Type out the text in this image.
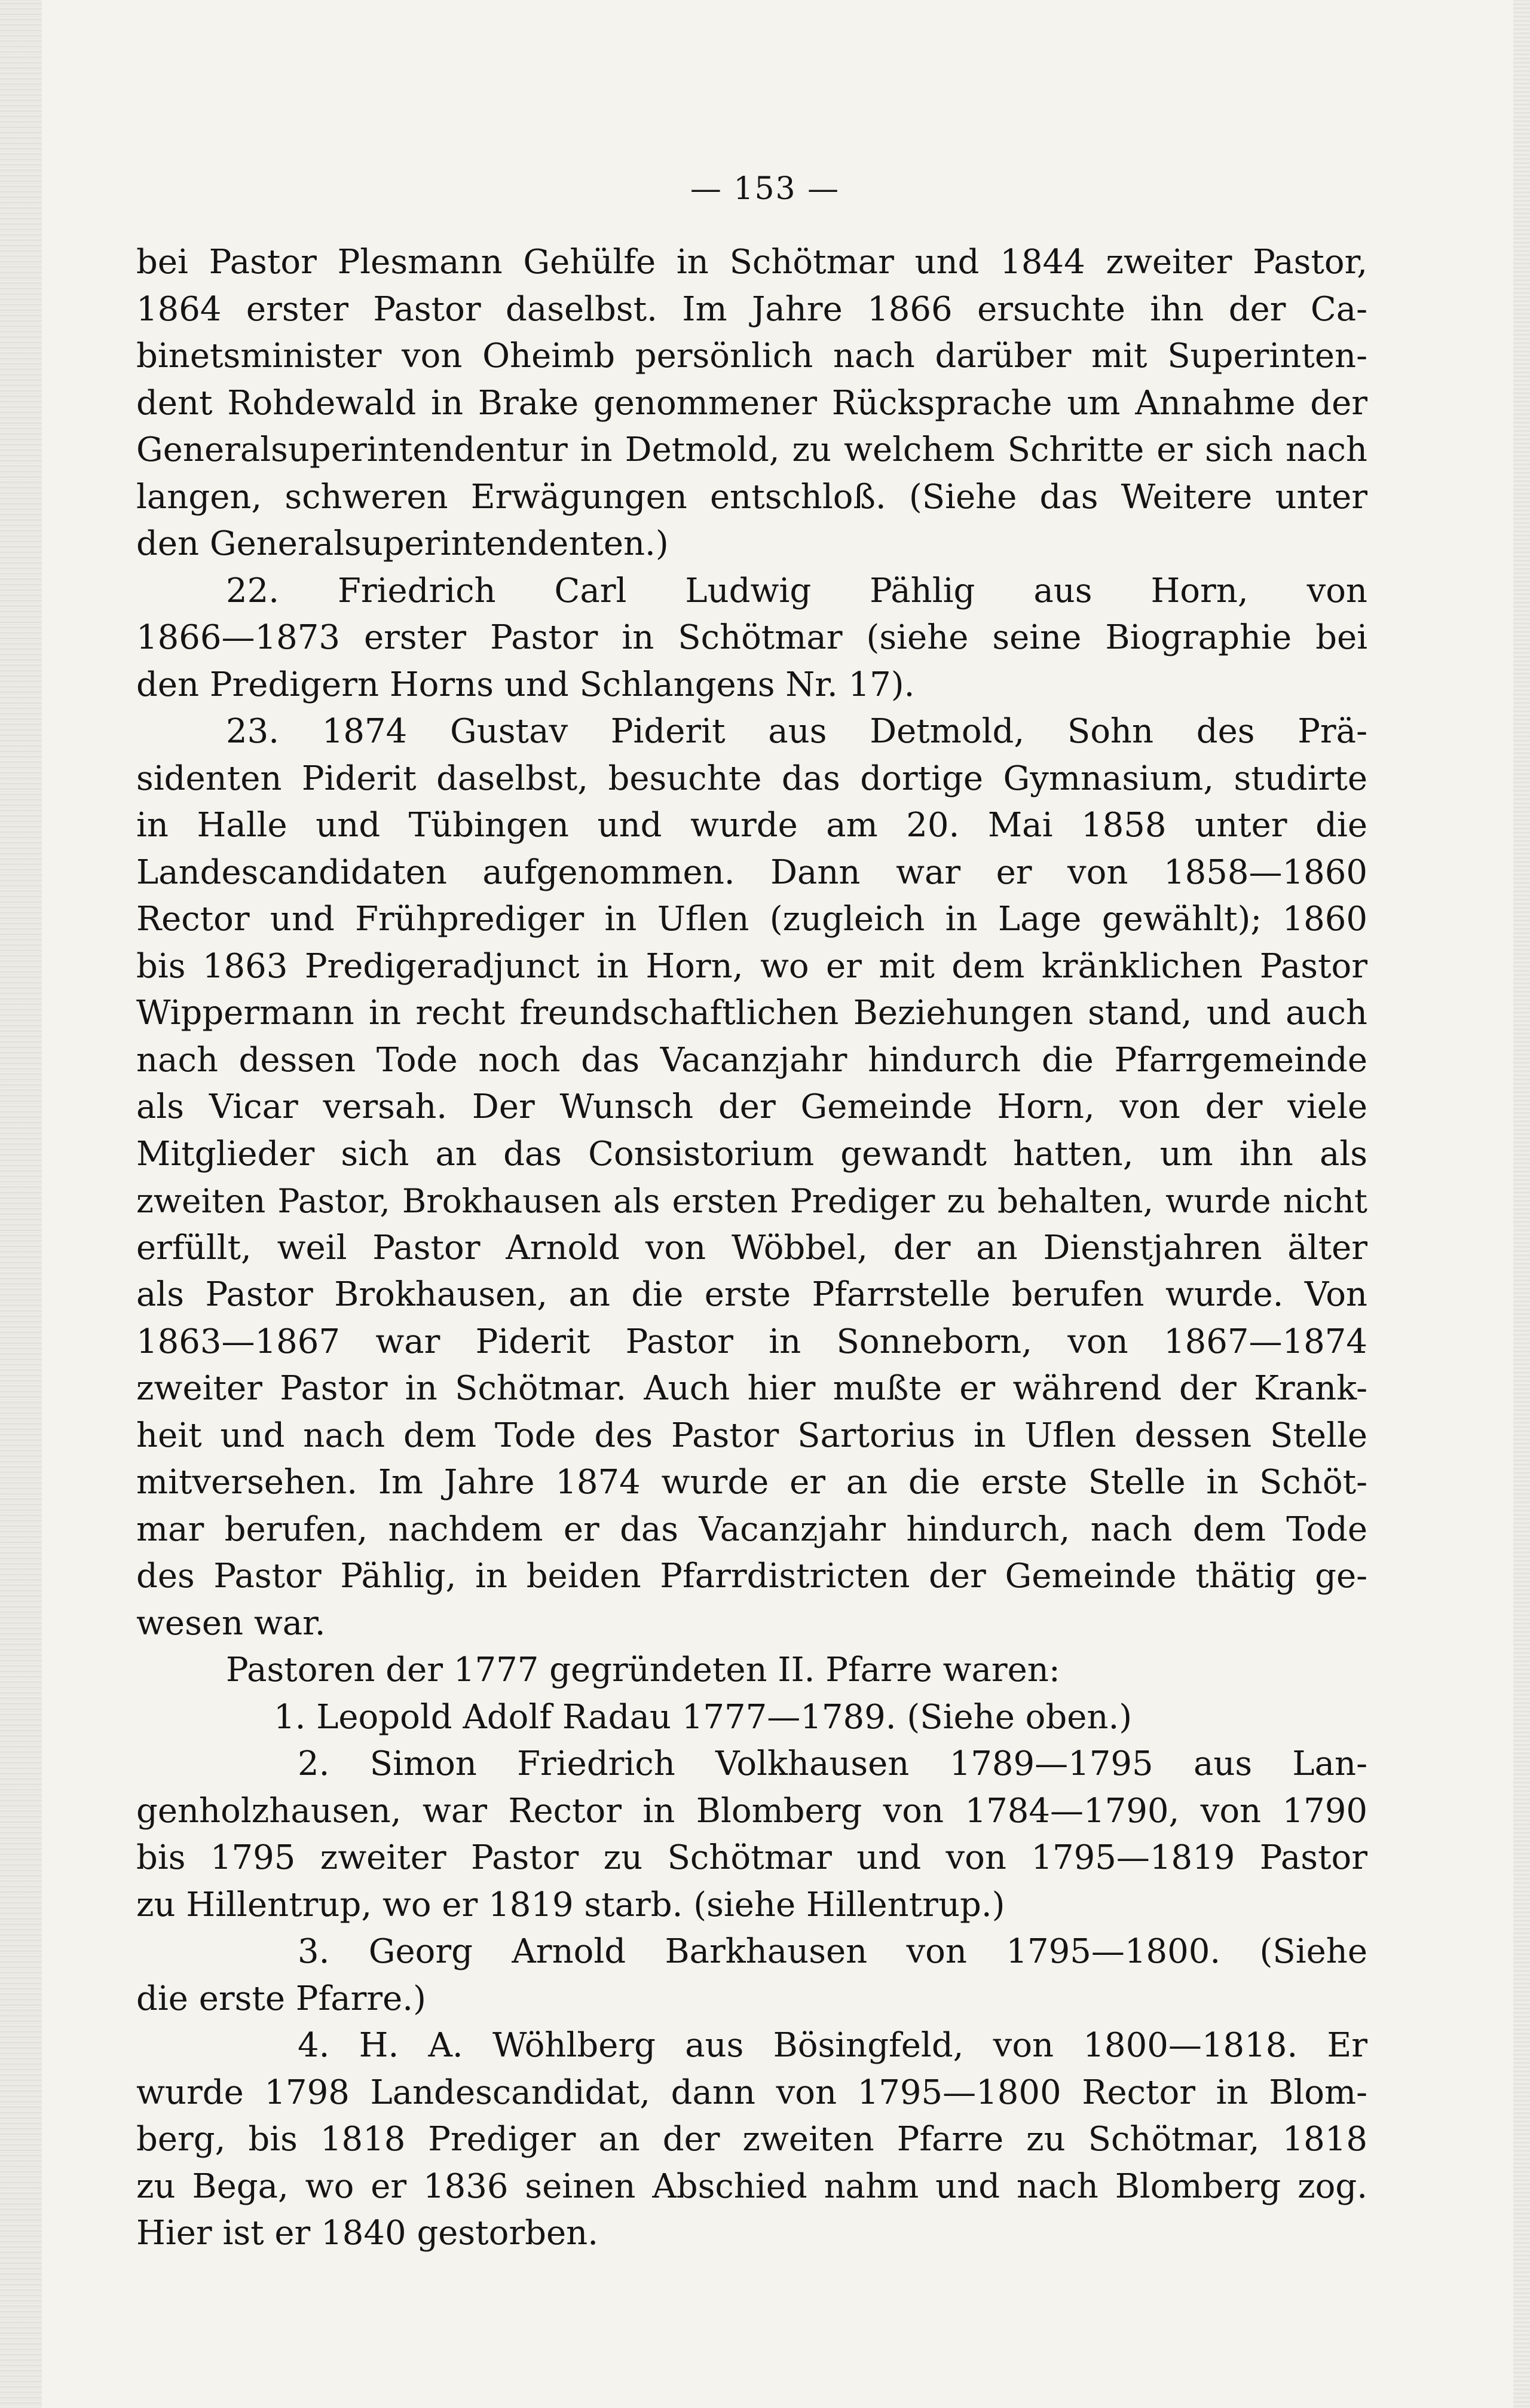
— 153 —
bei Pastor Plesmann Gehülfe in Schötmar und 1844 zweiter Pastor,
1864 erster Pastor daselbst. Im Jahre 1866 ersuchte ihn der Ca-
binetsminister von Oheimb persönlich nach darüber mit Superinten-
dent Rohdewald in Brake genommener Rücksprache um Annahme der
Generalsuperintendentur in Detmold, zu welchem Schritte er sich nach
langen, schweren Erwägungen entschloß. (Siehe das Weitere unter
den Generalsuperintendenten.)
22. Friedrich Carl Ludwig Pählig aus Horn, von
1866—1873 erster Pastor in Schötmar (siehe seine Biographie bei
den Predigern Horns und Schlangens Nr. 17).
23. 1874 Gustav Piderit aus Detmold, Sohn des Prä-
sidenten Piderit daselbst, besuchte das dortige Gymnasium, studirte
in Halle und Tübingen und wurde am 20. Mai 1858 unter die
Landescandidaten aufgenommen. Dann war er von 1858—1860
Rector und Frühprediger in Uflen (zugleich in Lage gewählt); 1860
bis 1863 Predigeradjunct in Horn, wo er mit dem kränklichen Pastor
Wippermann in recht freundschaftlichen Beziehungen stand, und auch
nach dessen Tode noch das Vacanzjahr hindurch die Pfarrgemeinde
als Vicar versah. Der Wunsch der Gemeinde Horn, von der viele
Mitglieder sich an das Consistorium gewandt hatten, um ihn als
zweiten Pastor, Brokhausen als ersten Prediger zu behalten, wurde nicht
erfüllt, weil Pastor Arnold von Wöbbel, der an Dienstjahren älter
als Pastor Brokhausen, an die erste Pfarrstelle berufen wurde. Von
1863—1867 war Piderit Pastor in Sonneborn, von 1867—1874
zweiter Pastor in Schötmar. Auch hier mußte er während der Krank-
heit und nach dem Tode des Pastor Sartorius in Uflen dessen Stelle
mitversehen. Im Jahre 1874 wurde er an die erste Stelle in Schöt-
mar berufen, nachdem er das Vacanzjahr hindurch, nach dem Tode
des Pastor Pählig, in beiden Pfarrdistricten der Gemeinde thätig ge-
wesen war.
Pastoren der 1777 gegründeten II. Pfarre waren:
1. Leopold Adolf Radau 1777—1789. (Siehe oben.)
2. Simon Friedrich Volkhausen 1789—1795 aus Lan-
genholzhausen, war Rector in Blomberg von 1784—1790, von 1790
bis 1795 zweiter Pastor zu Schötmar und von 1795—1819 Pastor
zu Hillentrup, wo er 1819 starb. (siehe Hillentrup.)
3. Georg Arnold Barkhausen von 1795—1800. (Siehe
die erste Pfarre.)
4. H. A. Wöhlberg aus Bösingfeld, von 1800—1818. Er
wurde 1798 Landescandidat, dann von 1795—1800 Rector in Blom-
berg, bis 1818 Prediger an der zweiten Pfarre zu Schötmar, 1818
zu Bega, wo er 1836 seinen Abschied nahm und nach Blomberg zog.
Hier ist er 1840 gestorben.
